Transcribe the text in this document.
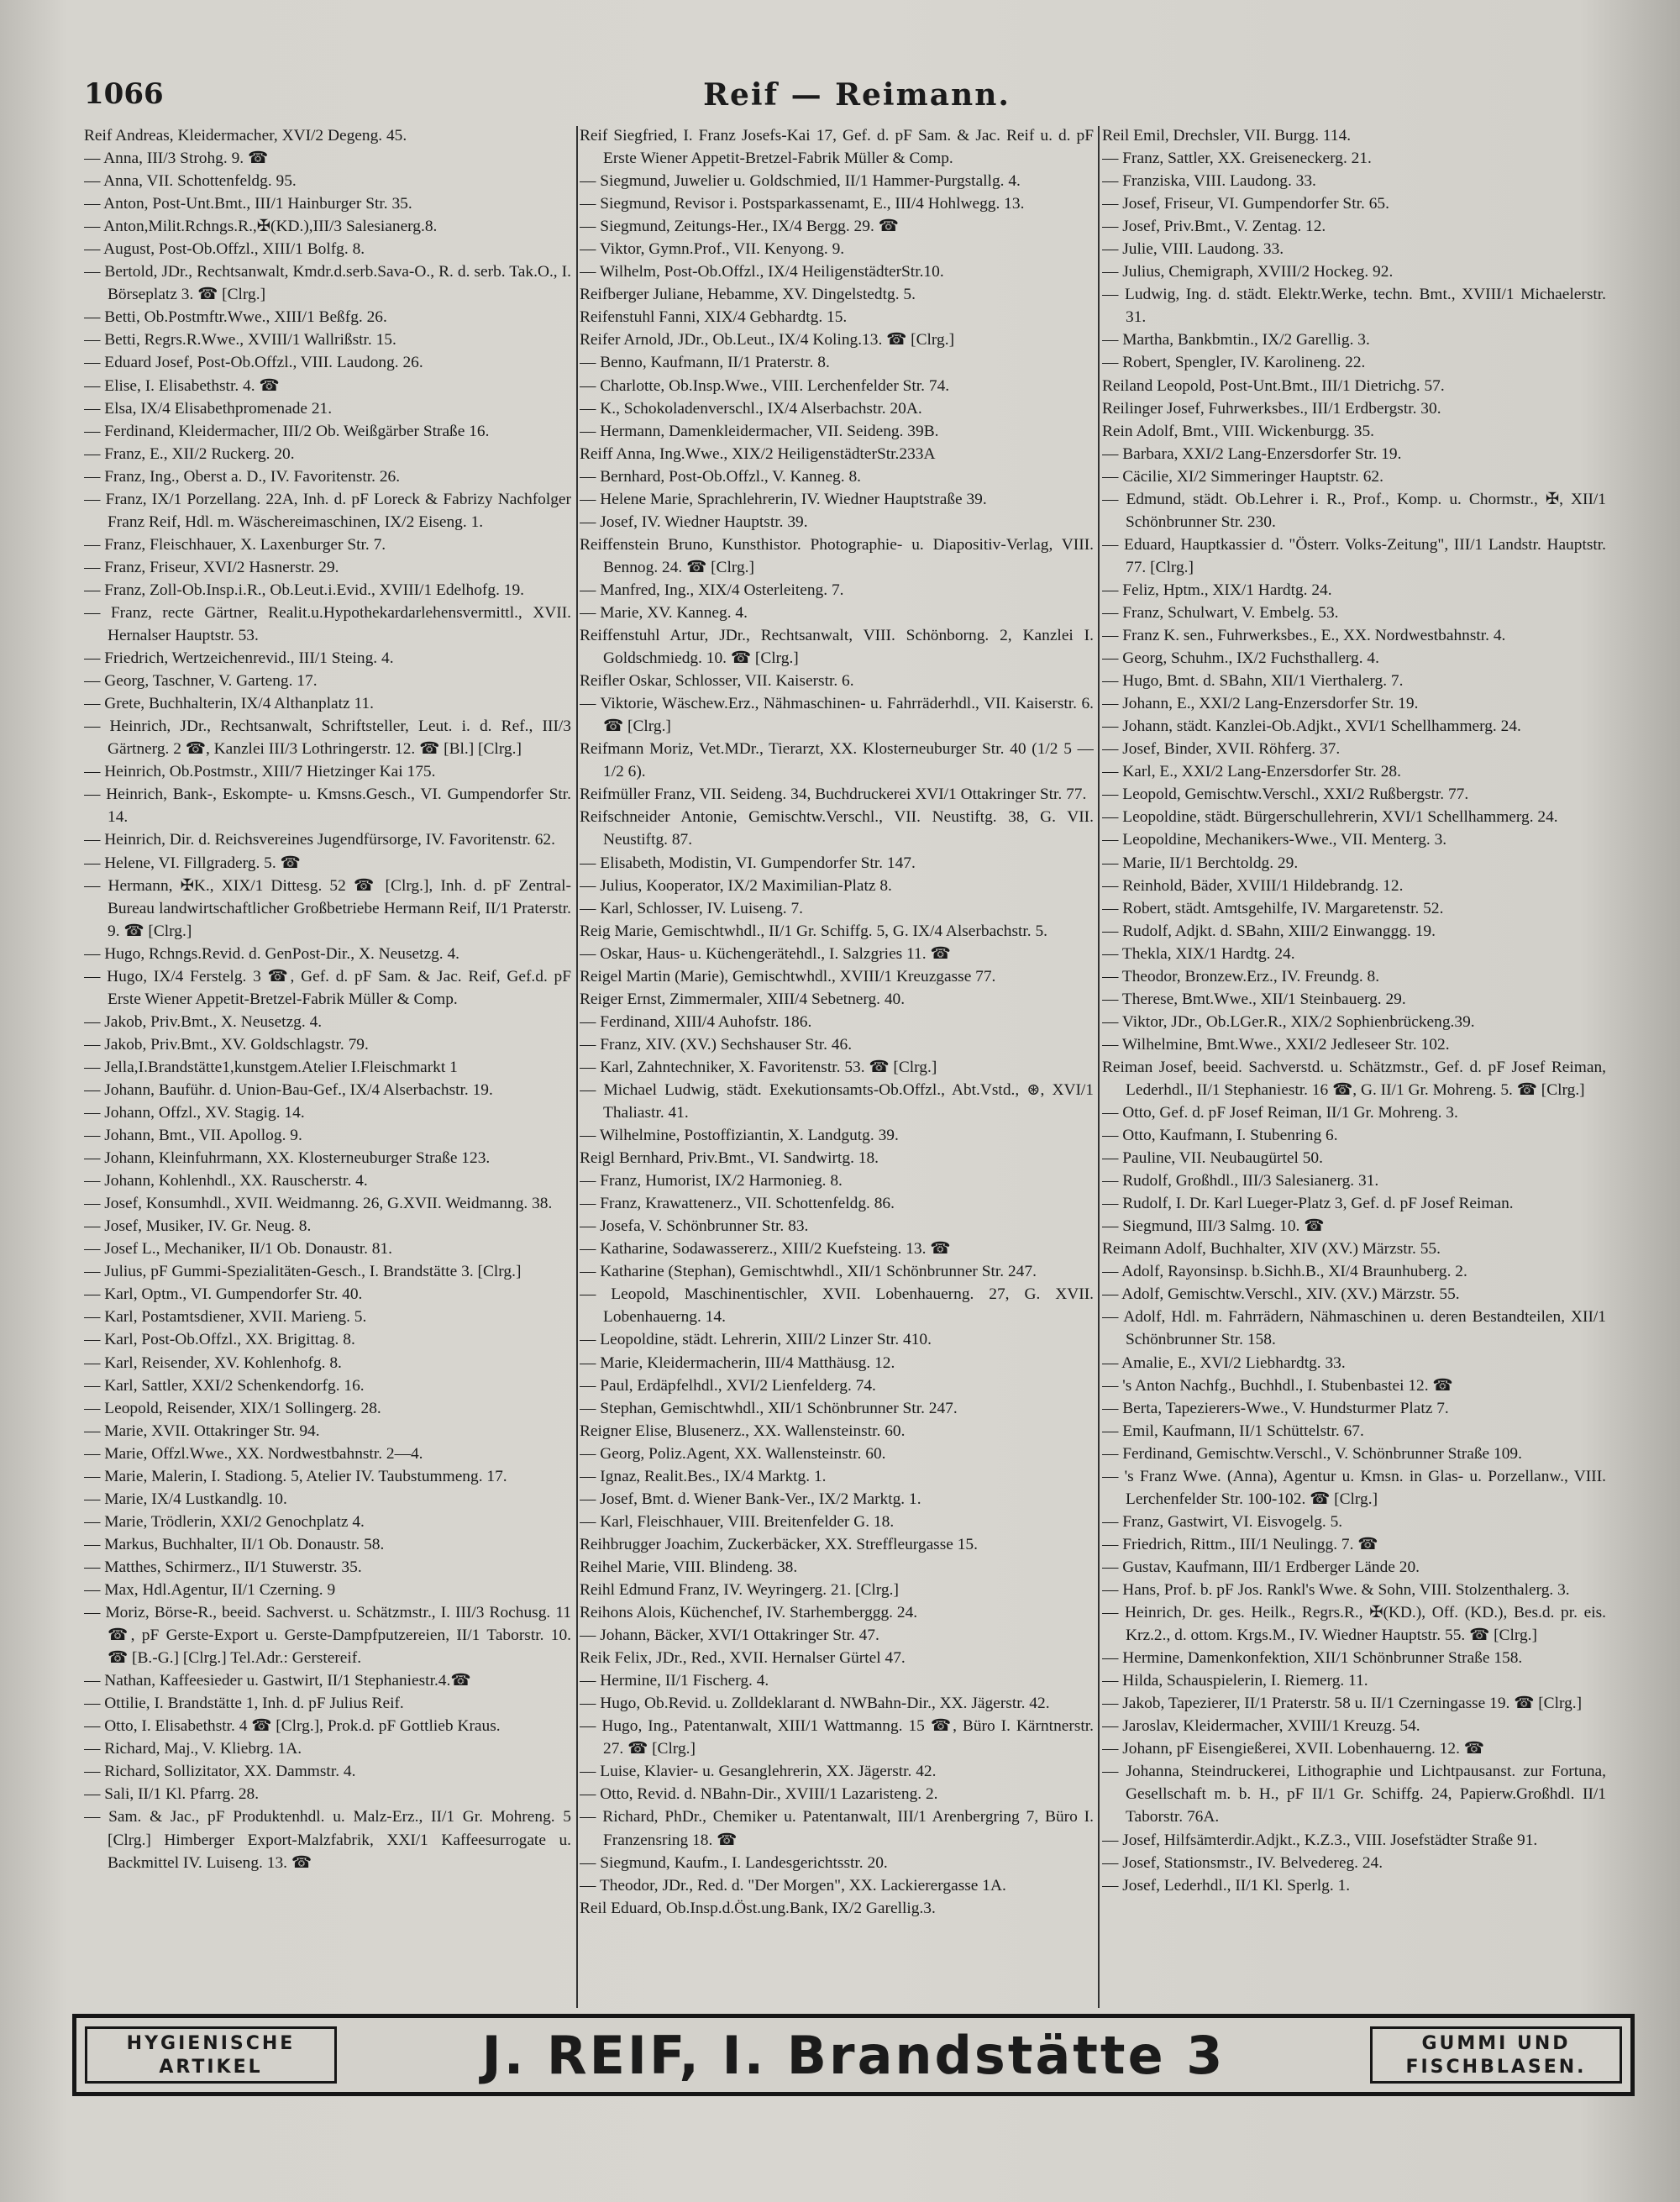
1066	Reif — Reimann.
Reif Andreas, Kleidermacher, XVI/2 Degeng. 45.
— Anna, III/3 Strohg. 9. ☎
— Anna, VII. Schottenfeldg. 95.
— Anton, Post-Unt.Bmt., III/1 Hainburger Str. 35.
— Anton,Milit.Rchngs.R.,✠(KD.),III/3 Salesianerg.8.
— August, Post-Ob.Offzl., XIII/1 Bolfg. 8.
— Bertold, JDr., Rechtsanwalt, Kmdr.d.serb.Sava-O., R. d. serb. Tak.O., I. Börseplatz 3. ☎ [Clrg.]
— Betti, Ob.Postmftr.Wwe., XIII/1 Beßfg. 26.
— Betti, Regrs.R.Wwe., XVIII/1 Wallrißstr. 15.
— Eduard Josef, Post-Ob.Offzl., VIII. Laudong. 26.
— Elise, I. Elisabethstr. 4. ☎
— Elsa, IX/4 Elisabethpromenade 21.
— Ferdinand, Kleidermacher, III/2 Ob. Weißgärber Straße 16.
— Franz, E., XII/2 Ruckerg. 20.
— Franz, Ing., Oberst a. D., IV. Favoritenstr. 26.
— Franz, IX/1 Porzellang. 22A, Inh. d. pF Loreck & Fabrizy Nachfolger Franz Reif, Hdl. m. Wäschereimaschinen, IX/2 Eiseng. 1.
— Franz, Fleischhauer, X. Laxenburger Str. 7.
— Franz, Friseur, XVI/2 Hasnerstr. 29.
— Franz, Zoll-Ob.Insp.i.R., Ob.Leut.i.Evid., XVIII/1 Edelhofg. 19.
— Franz, recte Gärtner, Realit.u.Hypothekardarlehensvermittl., XVII. Hernalser Hauptstr. 53.
— Friedrich, Wertzeichenrevid., III/1 Steing. 4.
— Georg, Taschner, V. Garteng. 17.
— Grete, Buchhalterin, IX/4 Althanplatz 11.
— Heinrich, JDr., Rechtsanwalt, Schriftsteller, Leut. i. d. Ref., III/3 Gärtnerg. 2 ☎, Kanzlei III/3 Lothringerstr. 12. ☎ [Bl.] [Clrg.]
— Heinrich, Ob.Postmstr., XIII/7 Hietzinger Kai 175.
— Heinrich, Bank-, Eskompte- u. Kmsns.Gesch., VI. Gumpendorfer Str. 14.
— Heinrich, Dir. d. Reichsvereines Jugendfürsorge, IV. Favoritenstr. 62.
— Helene, VI. Fillgraderg. 5. ☎
— Hermann, ✠K., XIX/1 Dittesg. 52 ☎ [Clrg.], Inh. d. pF Zentral-Bureau landwirtschaftlicher Großbetriebe Hermann Reif, II/1 Praterstr. 9. ☎ [Clrg.]
— Hugo, Rchngs.Revid. d. GenPost-Dir., X. Neusetzg. 4.
— Hugo, IX/4 Ferstelg. 3 ☎, Gef. d. pF Sam. & Jac. Reif, Gef.d. pF Erste Wiener Appetit-Bretzel-Fabrik Müller & Comp.
— Jakob, Priv.Bmt., X. Neusetzg. 4.
— Jakob, Priv.Bmt., XV. Goldschlagstr. 79.
— Jella,I.Brandstätte1,kunstgem.Atelier I.Fleischmarkt 1
— Johann, Bauführ. d. Union-Bau-Gef., IX/4 Alserbachstr. 19.
— Johann, Offzl., XV. Stagig. 14.
— Johann, Bmt., VII. Apollog. 9.
— Johann, Kleinfuhrmann, XX. Klosterneuburger Straße 123.
— Johann, Kohlenhdl., XX. Rauscherstr. 4.
— Josef, Konsumhdl., XVII. Weidmanng. 26, G.XVII. Weidmanng. 38.
— Josef, Musiker, IV. Gr. Neug. 8.
— Josef L., Mechaniker, II/1 Ob. Donaustr. 81.
— Julius, pF Gummi-Spezialitäten-Gesch., I. Brandstätte 3. [Clrg.]
— Karl, Optm., VI. Gumpendorfer Str. 40.
— Karl, Postamtsdiener, XVII. Marieng. 5.
— Karl, Post-Ob.Offzl., XX. Brigittag. 8.
— Karl, Reisender, XV. Kohlenhofg. 8.
— Karl, Sattler, XXI/2 Schenkendorfg. 16.
— Leopold, Reisender, XIX/1 Sollingerg. 28.
— Marie, XVII. Ottakringer Str. 94.
— Marie, Offzl.Wwe., XX. Nordwestbahnstr. 2—4.
— Marie, Malerin, I. Stadiong. 5, Atelier IV. Taubstummeng. 17.
— Marie, IX/4 Lustkandlg. 10.
— Marie, Trödlerin, XXI/2 Genochplatz 4.
— Markus, Buchhalter, II/1 Ob. Donaustr. 58.
— Matthes, Schirmerz., II/1 Stuwerstr. 35.
— Max, Hdl.Agentur, II/1 Czerning. 9
— Moriz, Börse-R., beeid. Sachverst. u. Schätzmstr., I. III/3 Rochusg. 11 ☎, pF Gerste-Export u. Gerste-Dampfputzereien, II/1 Taborstr. 10. ☎ [B.-G.] [Clrg.] Tel.Adr.: Gerstereif.
— Nathan, Kaffeesieder u. Gastwirt, II/1 Stephaniestr.4.☎
— Ottilie, I. Brandstätte 1, Inh. d. pF Julius Reif.
— Otto, I. Elisabethstr. 4 ☎ [Clrg.], Prok.d. pF Gottlieb Kraus.
— Richard, Maj., V. Kliebrg. 1A.
— Richard, Sollizitator, XX. Dammstr. 4.
— Sali, II/1 Kl. Pfarrg. 28.
— Sam. & Jac., pF Produktenhdl. u. Malz-Erz., II/1 Gr. Mohreng. 5 [Clrg.] Himberger Export-Malzfabrik, XXI/1 Kaffeesurrogate u. Backmittel IV. Luiseng. 13. ☎
Reif Siegfried, I. Franz Josefs-Kai 17, Gef. d. pF Sam. & Jac. Reif u. d. pF Erste Wiener Appetit-Bretzel-Fabrik Müller & Comp.
— Siegmund, Juwelier u. Goldschmied, II/1 Hammer-Purgstallg. 4.
— Siegmund, Revisor i. Postsparkassenamt, E., III/4 Hohlwegg. 13.
— Siegmund, Zeitungs-Her., IX/4 Bergg. 29. ☎
— Viktor, Gymn.Prof., VII. Kenyong. 9.
— Wilhelm, Post-Ob.Offzl., IX/4 HeiligenstädterStr.10.
Reifberger Juliane, Hebamme, XV. Dingelstedtg. 5.
Reifenstuhl Fanni, XIX/4 Gebhardtg. 15.
Reifer Arnold, JDr., Ob.Leut., IX/4 Koling.13. ☎ [Clrg.]
— Benno, Kaufmann, II/1 Praterstr. 8.
— Charlotte, Ob.Insp.Wwe., VIII. Lerchenfelder Str. 74.
— K., Schokoladenverschl., IX/4 Alserbachstr. 20A.
— Hermann, Damenkleidermacher, VII. Seideng. 39B.
Reiff Anna, Ing.Wwe., XIX/2 HeiligenstädterStr.233A
— Bernhard, Post-Ob.Offzl., V. Kanneg. 8.
— Helene Marie, Sprachlehrerin, IV. Wiedner Hauptstraße 39.
— Josef, IV. Wiedner Hauptstr. 39.
Reiffenstein Bruno, Kunsthistor. Photographie- u. Diapositiv-Verlag, VIII. Bennog. 24. ☎ [Clrg.]
— Manfred, Ing., XIX/4 Osterleiteng. 7.
— Marie, XV. Kanneg. 4.
Reiffenstuhl Artur, JDr., Rechtsanwalt, VIII. Schönborng. 2, Kanzlei I. Goldschmiedg. 10. ☎ [Clrg.]
Reifler Oskar, Schlosser, VII. Kaiserstr. 6.
— Viktorie, Wäschew.Erz., Nähmaschinen- u. Fahrräderhdl., VII. Kaiserstr. 6. ☎ [Clrg.]
Reifmann Moriz, Vet.MDr., Tierarzt, XX. Klosterneuburger Str. 40 (1/2 5 — 1/2 6).
Reifmüller Franz, VII. Seideng. 34, Buchdruckerei XVI/1 Ottakringer Str. 77.
Reifschneider Antonie, Gemischtw.Verschl., VII. Neustiftg. 38, G. VII. Neustiftg. 87.
— Elisabeth, Modistin, VI. Gumpendorfer Str. 147.
— Julius, Kooperator, IX/2 Maximilian-Platz 8.
— Karl, Schlosser, IV. Luiseng. 7.
Reig Marie, Gemischtwhdl., II/1 Gr. Schiffg. 5, G. IX/4 Alserbachstr. 5.
— Oskar, Haus- u. Küchengerätehdl., I. Salzgries 11. ☎
Reigel Martin (Marie), Gemischtwhdl., XVIII/1 Kreuzgasse 77.
Reiger Ernst, Zimmermaler, XIII/4 Sebetnerg. 40.
— Ferdinand, XIII/4 Auhofstr. 186.
— Franz, XIV. (XV.) Sechshauser Str. 46.
— Karl, Zahntechniker, X. Favoritenstr. 53. ☎ [Clrg.]
— Michael Ludwig, städt. Exekutionsamts-Ob.Offzl., Abt.Vstd., ⊛, XVI/1 Thaliastr. 41.
— Wilhelmine, Postoffiziantin, X. Landgutg. 39.
Reigl Bernhard, Priv.Bmt., VI. Sandwirtg. 18.
— Franz, Humorist, IX/2 Harmonieg. 8.
— Franz, Krawattenerz., VII. Schottenfeldg. 86.
— Josefa, V. Schönbrunner Str. 83.
— Katharine, Sodawassererz., XIII/2 Kuefsteing. 13. ☎
— Katharine (Stephan), Gemischtwhdl., XII/1 Schönbrunner Str. 247.
— Leopold, Maschinentischler, XVII. Lobenhauerng. 27, G. XVII. Lobenhauerng. 14.
— Leopoldine, städt. Lehrerin, XIII/2 Linzer Str. 410.
— Marie, Kleidermacherin, III/4 Matthäusg. 12.
— Paul, Erdäpfelhdl., XVI/2 Lienfelderg. 74.
— Stephan, Gemischtwhdl., XII/1 Schönbrunner Str. 247.
Reigner Elise, Blusenerz., XX. Wallensteinstr. 60.
— Georg, Poliz.Agent, XX. Wallensteinstr. 60.
— Ignaz, Realit.Bes., IX/4 Marktg. 1.
— Josef, Bmt. d. Wiener Bank-Ver., IX/2 Marktg. 1.
— Karl, Fleischhauer, VIII. Breitenfelder G. 18.
Reihbrugger Joachim, Zuckerbäcker, XX. Streffleurgasse 15.
Reihel Marie, VIII. Blindeng. 38.
Reihl Edmund Franz, IV. Weyringerg. 21. [Clrg.]
Reihons Alois, Küchenchef, IV. Starhemberggg. 24.
— Johann, Bäcker, XVI/1 Ottakringer Str. 47.
Reik Felix, JDr., Red., XVII. Hernalser Gürtel 47.
— Hermine, II/1 Fischerg. 4.
— Hugo, Ob.Revid. u. Zolldeklarant d. NWBahn-Dir., XX. Jägerstr. 42.
— Hugo, Ing., Patentanwalt, XIII/1 Wattmanng. 15 ☎, Büro I. Kärntnerstr. 27. ☎ [Clrg.]
— Luise, Klavier- u. Gesanglehrerin, XX. Jägerstr. 42.
— Otto, Revid. d. NBahn-Dir., XVIII/1 Lazaristeng. 2.
— Richard, PhDr., Chemiker u. Patentanwalt, III/1 Arenbergring 7, Büro I. Franzensring 18. ☎
— Siegmund, Kaufm., I. Landesgerichtsstr. 20.
— Theodor, JDr., Red. d. "Der Morgen", XX. Lackierergasse 1A.
Reil Eduard, Ob.Insp.d.Öst.ung.Bank, IX/2 Garellig.3.
Reil Emil, Drechsler, VII. Burgg. 114.
— Franz, Sattler, XX. Greiseneckerg. 21.
— Franziska, VIII. Laudong. 33.
— Josef, Friseur, VI. Gumpendorfer Str. 65.
— Josef, Priv.Bmt., V. Zentag. 12.
— Julie, VIII. Laudong. 33.
— Julius, Chemigraph, XVIII/2 Hockeg. 92.
— Ludwig, Ing. d. städt. Elektr.Werke, techn. Bmt., XVIII/1 Michaelerstr. 31.
— Martha, Bankbmtin., IX/2 Garellig. 3.
— Robert, Spengler, IV. Karolineng. 22.
Reiland Leopold, Post-Unt.Bmt., III/1 Dietrichg. 57.
Reilinger Josef, Fuhrwerksbes., III/1 Erdbergstr. 30.
Rein Adolf, Bmt., VIII. Wickenburgg. 35.
— Barbara, XXI/2 Lang-Enzersdorfer Str. 19.
— Cäcilie, XI/2 Simmeringer Hauptstr. 62.
— Edmund, städt. Ob.Lehrer i. R., Prof., Komp. u. Chormstr., ✠, XII/1 Schönbrunner Str. 230.
— Eduard, Hauptkassier d. "Österr. Volks-Zeitung", III/1 Landstr. Hauptstr. 77. [Clrg.]
— Feliz, Hptm., XIX/1 Hardtg. 24.
— Franz, Schulwart, V. Embelg. 53.
— Franz K. sen., Fuhrwerksbes., E., XX. Nordwestbahnstr. 4.
— Georg, Schuhm., IX/2 Fuchsthallerg. 4.
— Hugo, Bmt. d. SBahn, XII/1 Vierthalerg. 7.
— Johann, E., XXI/2 Lang-Enzersdorfer Str. 19.
— Johann, städt. Kanzlei-Ob.Adjkt., XVI/1 Schellhammerg. 24.
— Josef, Binder, XVII. Röhferg. 37.
— Karl, E., XXI/2 Lang-Enzersdorfer Str. 28.
— Leopold, Gemischtw.Verschl., XXI/2 Rußbergstr. 77.
— Leopoldine, städt. Bürgerschullehrerin, XVI/1 Schellhammerg. 24.
— Leopoldine, Mechanikers-Wwe., VII. Menterg. 3.
— Marie, II/1 Berchtoldg. 29.
— Reinhold, Bäder, XVIII/1 Hildebrandg. 12.
— Robert, städt. Amtsgehilfe, IV. Margaretenstr. 52.
— Rudolf, Adjkt. d. SBahn, XIII/2 Einwanggg. 19.
— Thekla, XIX/1 Hardtg. 24.
— Theodor, Bronzew.Erz., IV. Freundg. 8.
— Therese, Bmt.Wwe., XII/1 Steinbauerg. 29.
— Viktor, JDr., Ob.LGer.R., XIX/2 Sophienbrückeng.39.
— Wilhelmine, Bmt.Wwe., XXI/2 Jedleseer Str. 102.
Reiman Josef, beeid. Sachverstd. u. Schätzmstr., Gef. d. pF Josef Reiman, Lederhdl., II/1 Stephaniestr. 16 ☎, G. II/1 Gr. Mohreng. 5. ☎ [Clrg.]
— Otto, Gef. d. pF Josef Reiman, II/1 Gr. Mohreng. 3.
— Otto, Kaufmann, I. Stubenring 6.
— Pauline, VII. Neubaugürtel 50.
— Rudolf, Großhdl., III/3 Salesianerg. 31.
— Rudolf, I. Dr. Karl Lueger-Platz 3, Gef. d. pF Josef Reiman.
— Siegmund, III/3 Salmg. 10. ☎
Reimann Adolf, Buchhalter, XIV (XV.) Märzstr. 55.
— Adolf, Rayonsinsp. b.Sichh.B., XI/4 Braunhuberg. 2.
— Adolf, Gemischtw.Verschl., XIV. (XV.) Märzstr. 55.
— Adolf, Hdl. m. Fahrrädern, Nähmaschinen u. deren Bestandteilen, XII/1 Schönbrunner Str. 158.
— Amalie, E., XVI/2 Liebhardtg. 33.
— 's Anton Nachfg., Buchhdl., I. Stubenbastei 12. ☎
— Berta, Tapezierers-Wwe., V. Hundsturmer Platz 7.
— Emil, Kaufmann, II/1 Schüttelstr. 67.
— Ferdinand, Gemischtw.Verschl., V. Schönbrunner Straße 109.
— 's Franz Wwe. (Anna), Agentur u. Kmsn. in Glas- u. Porzellanw., VIII. Lerchenfelder Str. 100-102. ☎ [Clrg.]
— Franz, Gastwirt, VI. Eisvogelg. 5.
— Friedrich, Rittm., III/1 Neulingg. 7. ☎
— Gustav, Kaufmann, III/1 Erdberger Lände 20.
— Hans, Prof. b. pF Jos. Rankl's Wwe. & Sohn, VIII. Stolzenthalerg. 3.
— Heinrich, Dr. ges. Heilk., Regrs.R., ✠(KD.), Off. (KD.), Bes.d. pr. eis. Krz.2., d. ottom. Krgs.M., IV. Wiedner Hauptstr. 55. ☎ [Clrg.]
— Hermine, Damenkonfektion, XII/1 Schönbrunner Straße 158.
— Hilda, Schauspielerin, I. Riemerg. 11.
— Jakob, Tapezierer, II/1 Praterstr. 58 u. II/1 Czerningasse 19. ☎ [Clrg.]
— Jaroslav, Kleidermacher, XVIII/1 Kreuzg. 54.
— Johann, pF Eisengießerei, XVII. Lobenhauerng. 12. ☎
— Johanna, Steindruckerei, Lithographie und Lichtpausanst. zur Fortuna, Gesellschaft m. b. H., pF II/1 Gr. Schiffg. 24, Papierw.Großhdl. II/1 Taborstr. 76A.
— Josef, Hilfsämterdir.Adjkt., K.Z.3., VIII. Josefstädter Straße 91.
— Josef, Stationsmstr., IV. Belvedereg. 24.
— Josef, Lederhdl., II/1 Kl. Sperlg. 1.
HYGIENISCHE
ARTIKEL	J. REIF, I. Brandstätte 3	GUMMI UND
FISCHBLASEN.
